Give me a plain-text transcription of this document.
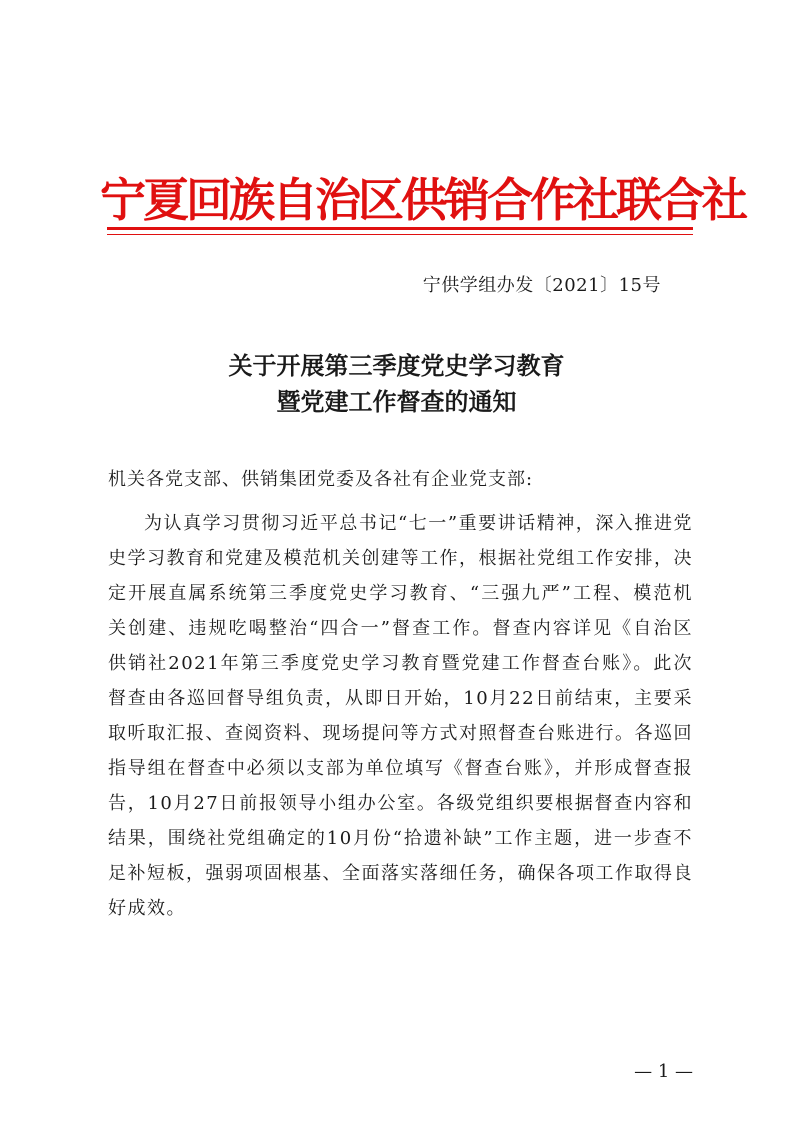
宁夏回族自治区供销合作社联合社
宁供学组办发〔2021〕15号
关于开展第三季度党史学习教育
暨党建工作督查的通知
机关各党支部、供销集团党委及各社有企业党支部:

为认真学习贯彻习近平总书记“七一”重要讲话精神，深入推进党史学习教育和党建及模范机关创建等工作，根据社党组工作安排，决定开展直属系统第三季度党史学习教育、“三强九严”工程、模范机关创建、违规吃喝整治“四合一”督查工作。督查内容详见《自治区供销社2021年第三季度党史学习教育暨党建工作督查台账》。此次督查由各巡回督导组负责，从即日开始，10月22日前结束，主要采取听取汇报、查阅资料、现场提问等方式对照督查台账进行。各巡回指导组在督查中必须以支部为单位填写《督查台账》，并形成督查报告，10月27日前报领导小组办公室。各级党组织要根据督查内容和结果，围绕社党组确定的10月份“拾遗补缺”工作主题，进一步查不足补短板，强弱项固根基、全面落实落细任务，确保各项工作取得良好成效。

— 1 —
